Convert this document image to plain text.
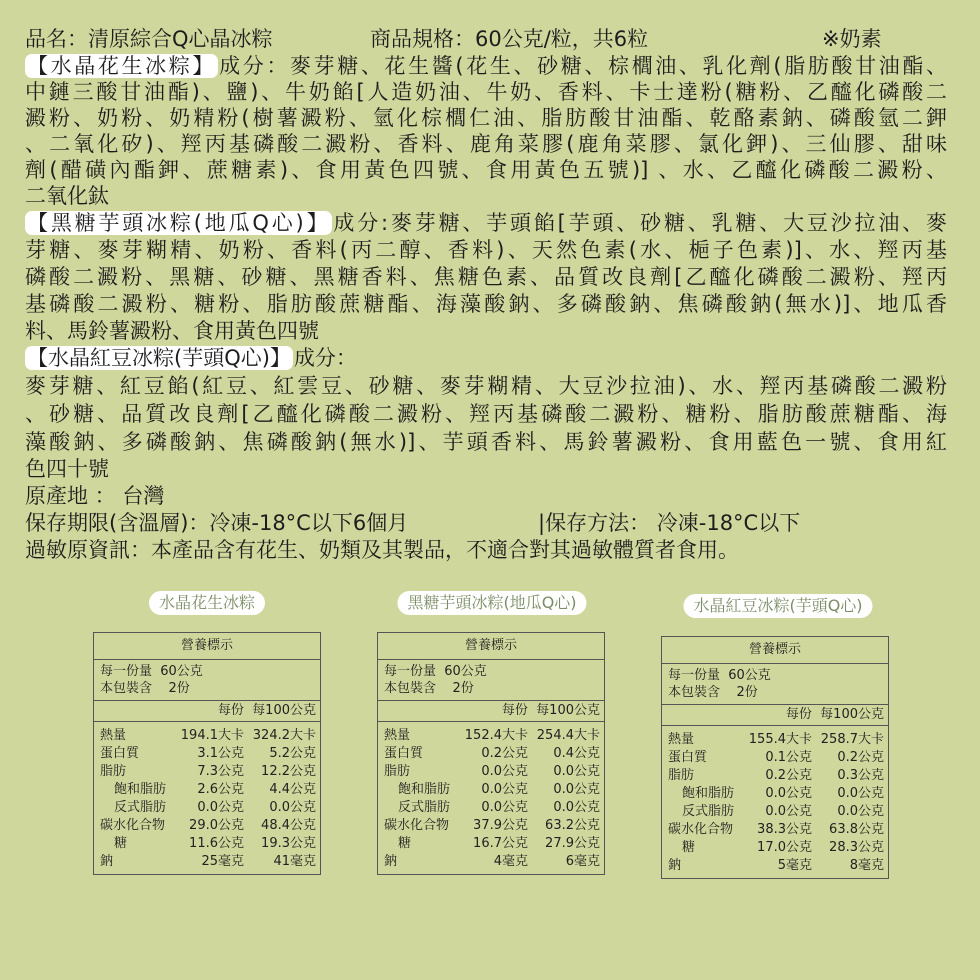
品名：清原綜合Q心晶冰粽	商品規格：60公克/粒，共6粒	※奶素
【水晶花生冰粽】 成分：麥芽糖、花生醬(花生、砂糖、棕櫚油、乳化劑(脂肪酸甘油酯、
中鏈三酸甘油酯)、鹽)、牛奶餡[人造奶油、牛奶、香料、卡士達粉(糖粉、乙醯化磷酸二
澱粉、奶粉、奶精粉(樹薯澱粉、氫化棕櫚仁油、脂肪酸甘油酯、乾酪素鈉、磷酸氫二鉀
、二氧化矽)、羥丙基磷酸二澱粉、香料、鹿角菜膠(鹿角菜膠、氯化鉀)、三仙膠、甜味
劑(醋磺內酯鉀、蔗糖素)、食用黃色四號、食用黃色五號)] 、水、乙醯化磷酸二澱粉、
二氧化鈦
【黑糖芋頭冰粽(地瓜Q心)】 成分:麥芽糖、芋頭餡[芋頭、砂糖、乳糖、大豆沙拉油、麥
芽糖、麥芽糊精、奶粉、香料(丙二醇、香料)、天然色素(水、梔子色素)]、水、羥丙基
磷酸二澱粉、黑糖、砂糖、黑糖香料、焦糖色素、品質改良劑[乙醯化磷酸二澱粉、羥丙
基磷酸二澱粉、糖粉、脂肪酸蔗糖酯、海藻酸鈉、多磷酸鈉、焦磷酸鈉(無水)]、地瓜香
料、馬鈴薯澱粉、食用黃色四號
【水晶紅豆冰粽(芋頭Q心)】 成分：
麥芽糖、紅豆餡(紅豆、紅雲豆、砂糖、麥芽糊精、大豆沙拉油)、水、羥丙基磷酸二澱粉
、砂糖、品質改良劑[乙醯化磷酸二澱粉、羥丙基磷酸二澱粉、糖粉、脂肪酸蔗糖酯、海
藻酸鈉、多磷酸鈉、焦磷酸鈉(無水)]、芋頭香料、馬鈴薯澱粉、食用藍色一號、食用紅
色四十號
原產地 ： 台灣
保存期限(含溫層)：冷凍-18°C以下6個月	|保存方法： 冷凍-18°C以下
過敏原資訊：本產品含有花生、奶類及其製品，不適合對其過敏體質者食用。
水晶花生冰粽	黑糖芋頭冰粽(地瓜Q心)	水晶紅豆冰粽(芋頭Q心)
營養標示
每一份量  60公克
本包裝含    2份
每份  每100公克
熱量	194.1大卡 324.2大卡
蛋白質	3.1公克	5.2公克
脂肪	7.3公克	12.2公克
飽和脂肪	2.6公克	4.4公克
反式脂肪	0.0公克	0.0公克
碳水化合物	29.0公克	48.4公克
糖	11.6公克	19.3公克
鈉	25毫克	41毫克
營養標示
每一份量  60公克
本包裝含    2份
每份  每100公克
熱量	152.4大卡 254.4大卡
蛋白質	0.2公克	0.4公克
脂肪	0.0公克	0.0公克
飽和脂肪	0.0公克	0.0公克
反式脂肪	0.0公克	0.0公克
碳水化合物	37.9公克	63.2公克
糖	16.7公克	27.9公克
鈉	4毫克	6毫克
營養標示
每一份量  60公克
本包裝含    2份
每份  每100公克
熱量	155.4大卡 258.7大卡
蛋白質	0.1公克	0.2公克
脂肪	0.2公克	0.3公克
飽和脂肪	0.0公克	0.0公克
反式脂肪	0.0公克	0.0公克
碳水化合物	38.3公克	63.8公克
糖	17.0公克	28.3公克
鈉	5毫克	8毫克
